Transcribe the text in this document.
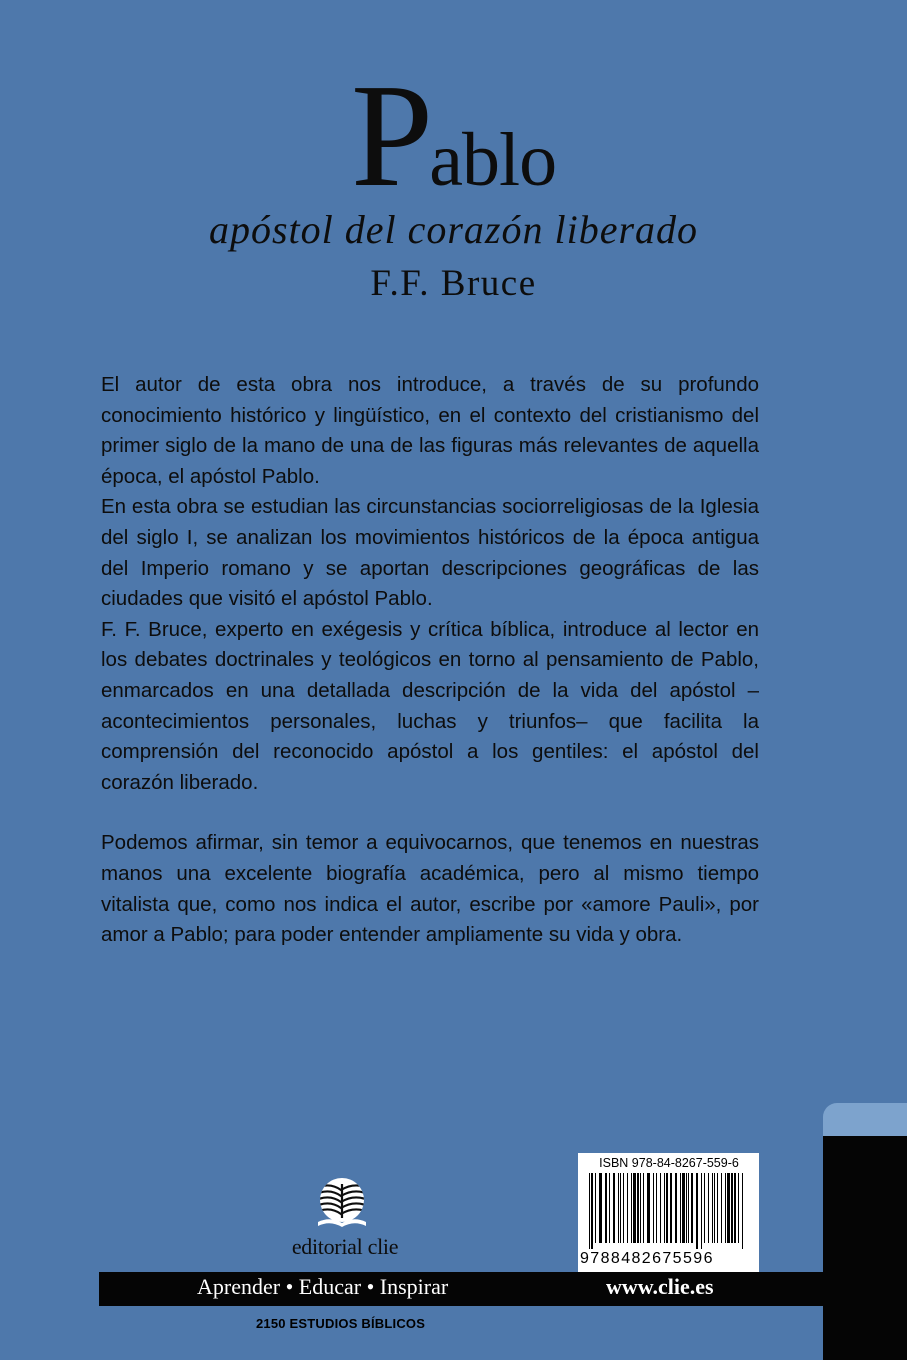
Pablo
apóstol del corazón liberado
F.F. Bruce

El autor de esta obra nos introduce, a través de su profundo conocimiento histórico y lingüístico, en el contexto del cristianismo del primer siglo de la mano de una de las figuras más relevantes de aquella época, el apóstol Pablo.

En esta obra se estudian las circunstancias sociorreligiosas de la Iglesia del siglo I, se analizan los movimientos históricos de la época antigua del Imperio romano y se aportan descripciones geográficas de las ciudades que visitó el apóstol Pablo.

F. F. Bruce, experto en exégesis y crítica bíblica, introduce al lector en los debates doctrinales y teológicos en torno al pensamiento de Pablo, enmarcados en una detallada descripción de la vida del apóstol –acontecimientos personales, luchas y triunfos– que facilita la comprensión del reconocido apóstol a los gentiles: el apóstol del corazón liberado.

Podemos afirmar, sin temor a equivocarnos, que tenemos en nuestras manos una excelente biografía académica, pero al mismo tiempo vitalista que, como nos indica el autor, escribe por «amore Pauli», por amor a Pablo; para poder entender ampliamente su vida y obra.

editorial clie
ISBN 978-84-8267-559-6
9788482675596
Aprender • Educar • Inspirar	www.clie.es
2150 ESTUDIOS BÍBLICOS
